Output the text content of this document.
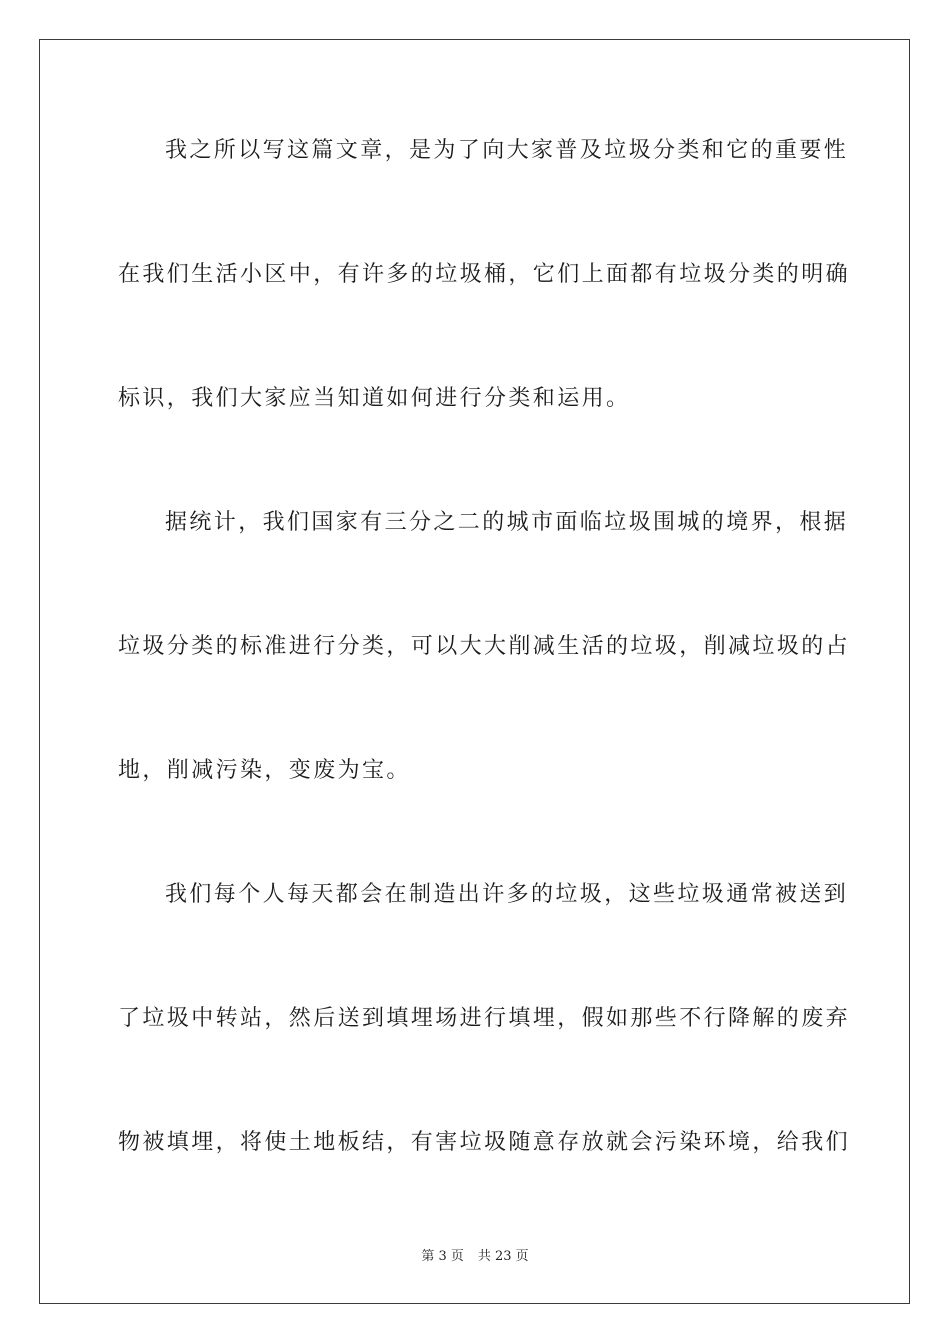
我之所以写这篇文章，是为了向大家普及垃圾分类和它的重要性
在我们生活小区中，有许多的垃圾桶，它们上面都有垃圾分类的明确
标识，我们大家应当知道如何进行分类和运用。
据统计，我们国家有三分之二的城市面临垃圾围城的境界，根据
垃圾分类的标准进行分类，可以大大削减生活的垃圾，削减垃圾的占
地，削减污染，变废为宝。
我们每个人每天都会在制造出许多的垃圾，这些垃圾通常被送到
了垃圾中转站，然后送到填埋场进行填埋，假如那些不行降解的废弃
物被填埋，将使土地板结，有害垃圾随意存放就会污染环境，给我们
第 3 页 共 23 页
